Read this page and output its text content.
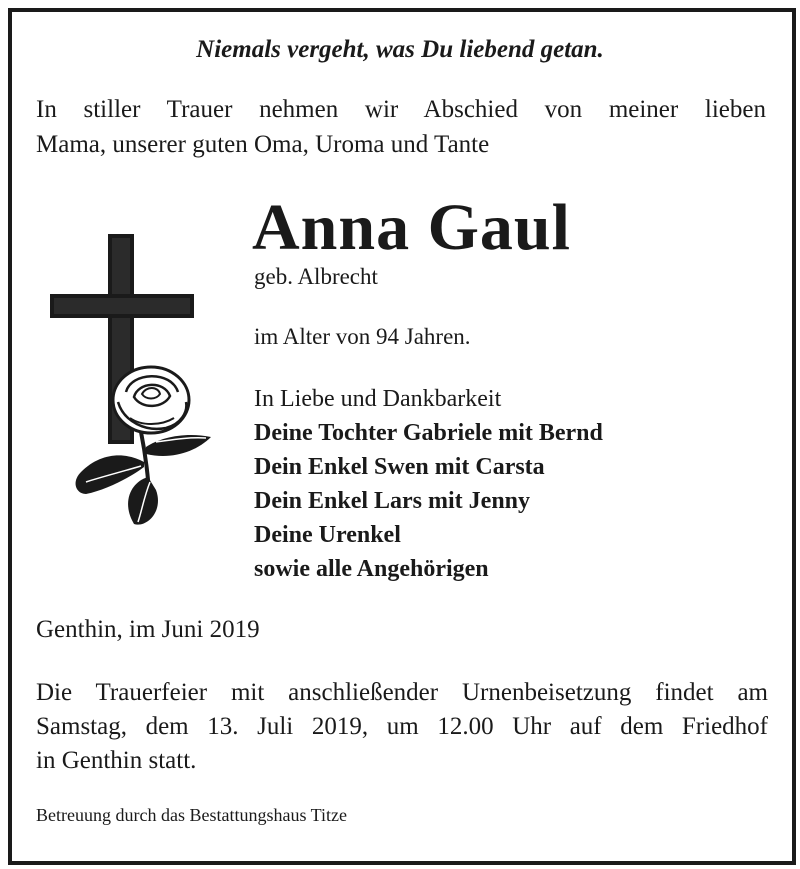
Niemals vergeht, was Du liebend getan.
In stiller Trauer nehmen wir Abschied von meiner lieben
Mama, unserer guten Oma, Uroma und Tante
Anna Gaul
geb. Albrecht
im Alter von 94 Jahren.
In Liebe und Dankbarkeit
Deine Tochter Gabriele mit Bernd
Dein Enkel Swen mit Carsta
Dein Enkel Lars mit Jenny
Deine Urenkel
sowie alle Angehörigen
Genthin, im Juni 2019
Die Trauerfeier mit anschließender Urnenbeisetzung findet am
Samstag, dem 13. Juli 2019, um 12.00 Uhr auf dem Friedhof
in Genthin statt.
Betreuung durch das Bestattungshaus Titze
